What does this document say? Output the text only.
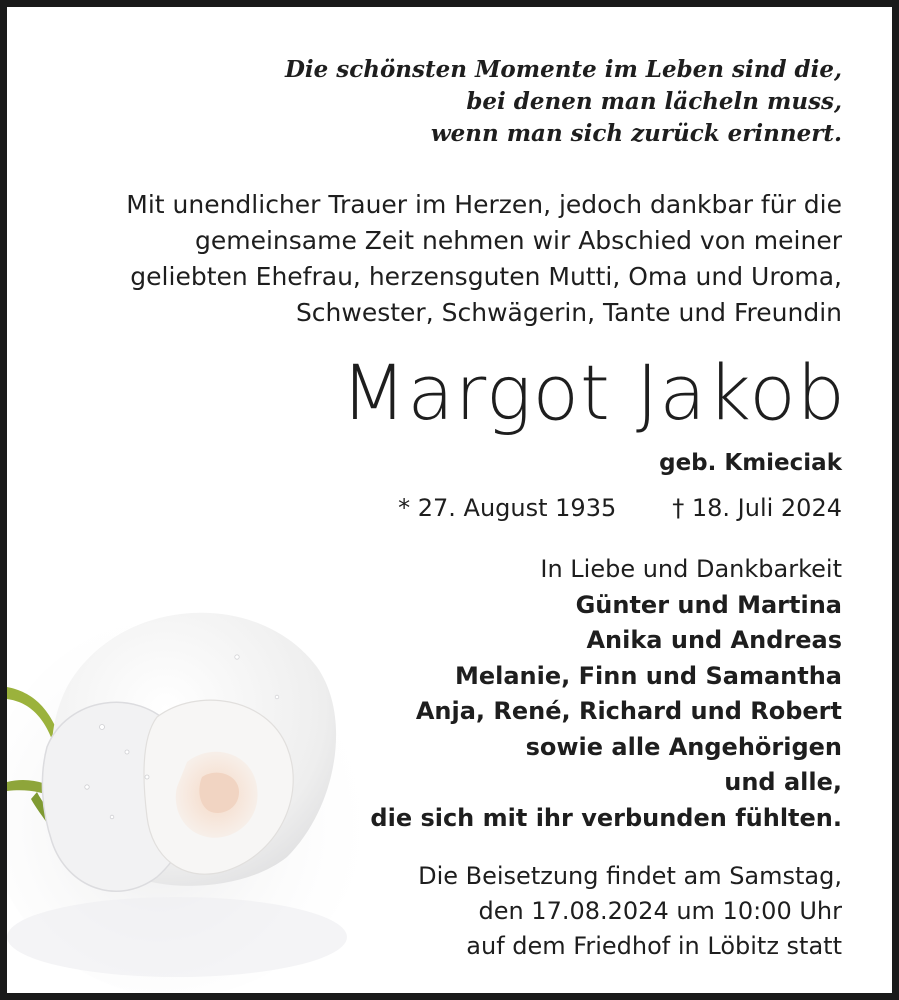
Die schönsten Momente im Leben sind die,
bei denen man lächeln muss,
wenn man sich zurück erinnert.
Mit unendlicher Trauer im Herzen, jedoch dankbar für die
gemeinsame Zeit nehmen wir Abschied von meiner
geliebten Ehefrau, herzensguten Mutti, Oma und Uroma,
Schwester, Schwägerin, Tante und Freundin
Margot Jakob
geb. Kmieciak
* 27. August 1935 † 18. Juli 2024
In Liebe und Dankbarkeit
Günter und Martina
Anika und Andreas
Melanie, Finn und Samantha
Anja, René, Richard und Robert
sowie alle Angehörigen
und alle,
die sich mit ihr verbunden fühlten.
Die Beisetzung findet am Samstag,
den 17.08.2024 um 10:00 Uhr
auf dem Friedhof in Löbitz statt
